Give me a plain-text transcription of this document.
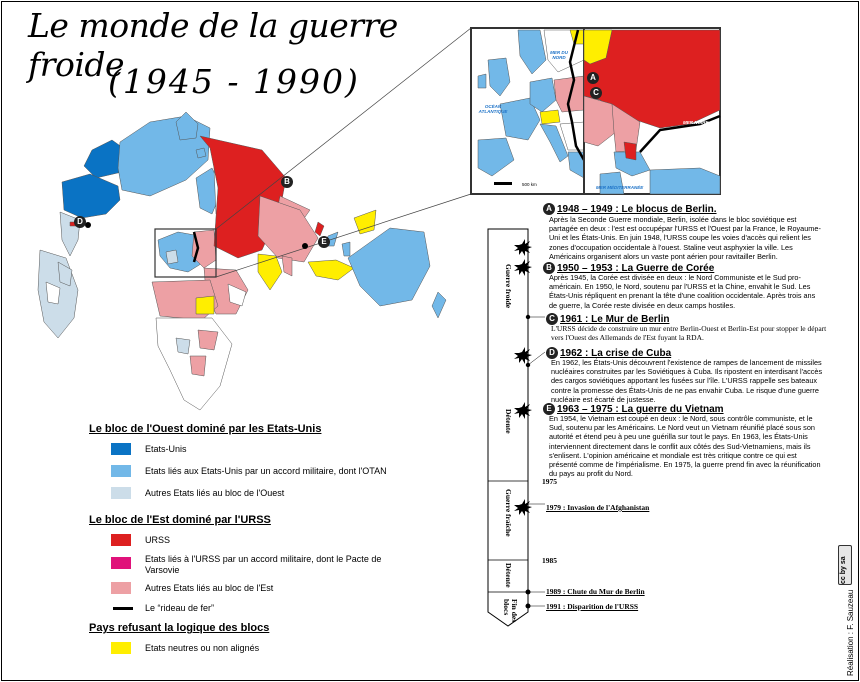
Le monde de la guerre froide
(1945 - 1990)
B
D
E
MER DU NORD
OCÉAN ATLANTIQUE
MER NOIRE
MER MÉDITERRANÉE
500 km
A
C
Le bloc de l'Ouest dominé par les Etats-Unis
Etats-Unis
Etats liés aux Etats-Unis par un accord militaire, dont l'OTAN
Autres Etats liés au bloc de l'Ouest
Le bloc de l'Est dominé par l'URSS
URSS
Etats liés à l'URSS par un accord militaire, dont le Pacte de Varsovie
Autres Etats liés au bloc de l'Est
Le “rideau de fer”
Pays refusant la logique des blocs
Etats neutres ou non alignés
Guerre froide
Détente
Guerre fraîche
Détente
Fin des blocs
1975
1985
1979 : Invasion de l'Afghanistan
1989 : Chute du Mur de Berlin
1991 : Disparition de l'URSS
A 1948 – 1949 : Le blocus de Berlin.
Après la Seconde Guerre mondiale, Berlin, isolée dans le bloc soviétique est partagée en deux : l'est est occupépar l'URSS et l'Ouest par la France, le Royaume-Uni et les États-Unis. En juin 1948, l'URSS coupe les voies d'accès qui relient les zones d'occupation occidentale à l'ouest. Staline veut asphyxier la ville. Les Américains organisent alors un vaste pont aérien pour ravitailler Berlin.
B 1950 – 1953 : La Guerre de Corée
Après 1945, la Corée est divisée en deux : le Nord Communiste et le Sud pro-américain. En 1950, le Nord, soutenu par l'URSS et la Chine, envahit le Sud. Les États-Unis répliquent en prenant la tête d'une coalition occidentale. Après trois ans de guerre, la Corée reste divisée en deux camps hostiles.
C 1961 : Le Mur de Berlin
L'URSS décide de construire un mur entre Berlin-Ouest et Berlin-Est pour stopper le départ vers l'Ouest des Allemands de l'Est fuyant la RDA.
D 1962 : La crise de Cuba
En 1962, les États-Unis découvrent l'existence de rampes de lancement de missiles nucléaires construites par les Soviétiques à Cuba. Ils ripostent en interdisant l'accès des cargos soviétiques apportant les fusées sur l'île. L'URSS rappelle ses bateaux contre la promesse des États-Unis de ne pas envahir Cuba. Le risque d'une guerre nucléaire est écarté de justesse.
E 1963 – 1975 : La guerre du Vietnam
En 1954, le Vietnam est coupé en deux : le Nord, sous contrôle communiste, et le Sud, soutenu par les Américains. Le Nord veut un Vietnam réunifié placé sous son autorité et étend peu à peu une guérilla sur tout le pays. En 1963, les États-Unis interviennent directement dans le conflit aux côtés des Sud-Vietnamiens, mais ils s'enlisent. L'opinion américaine et mondiale est très critique contre ce qui est présenté comme de l'impérialisme. En 1975, la guerre prend fin avec la réunification du pays au profit du Nord.
cc by sa
Réalisation : F. Sauzeau
